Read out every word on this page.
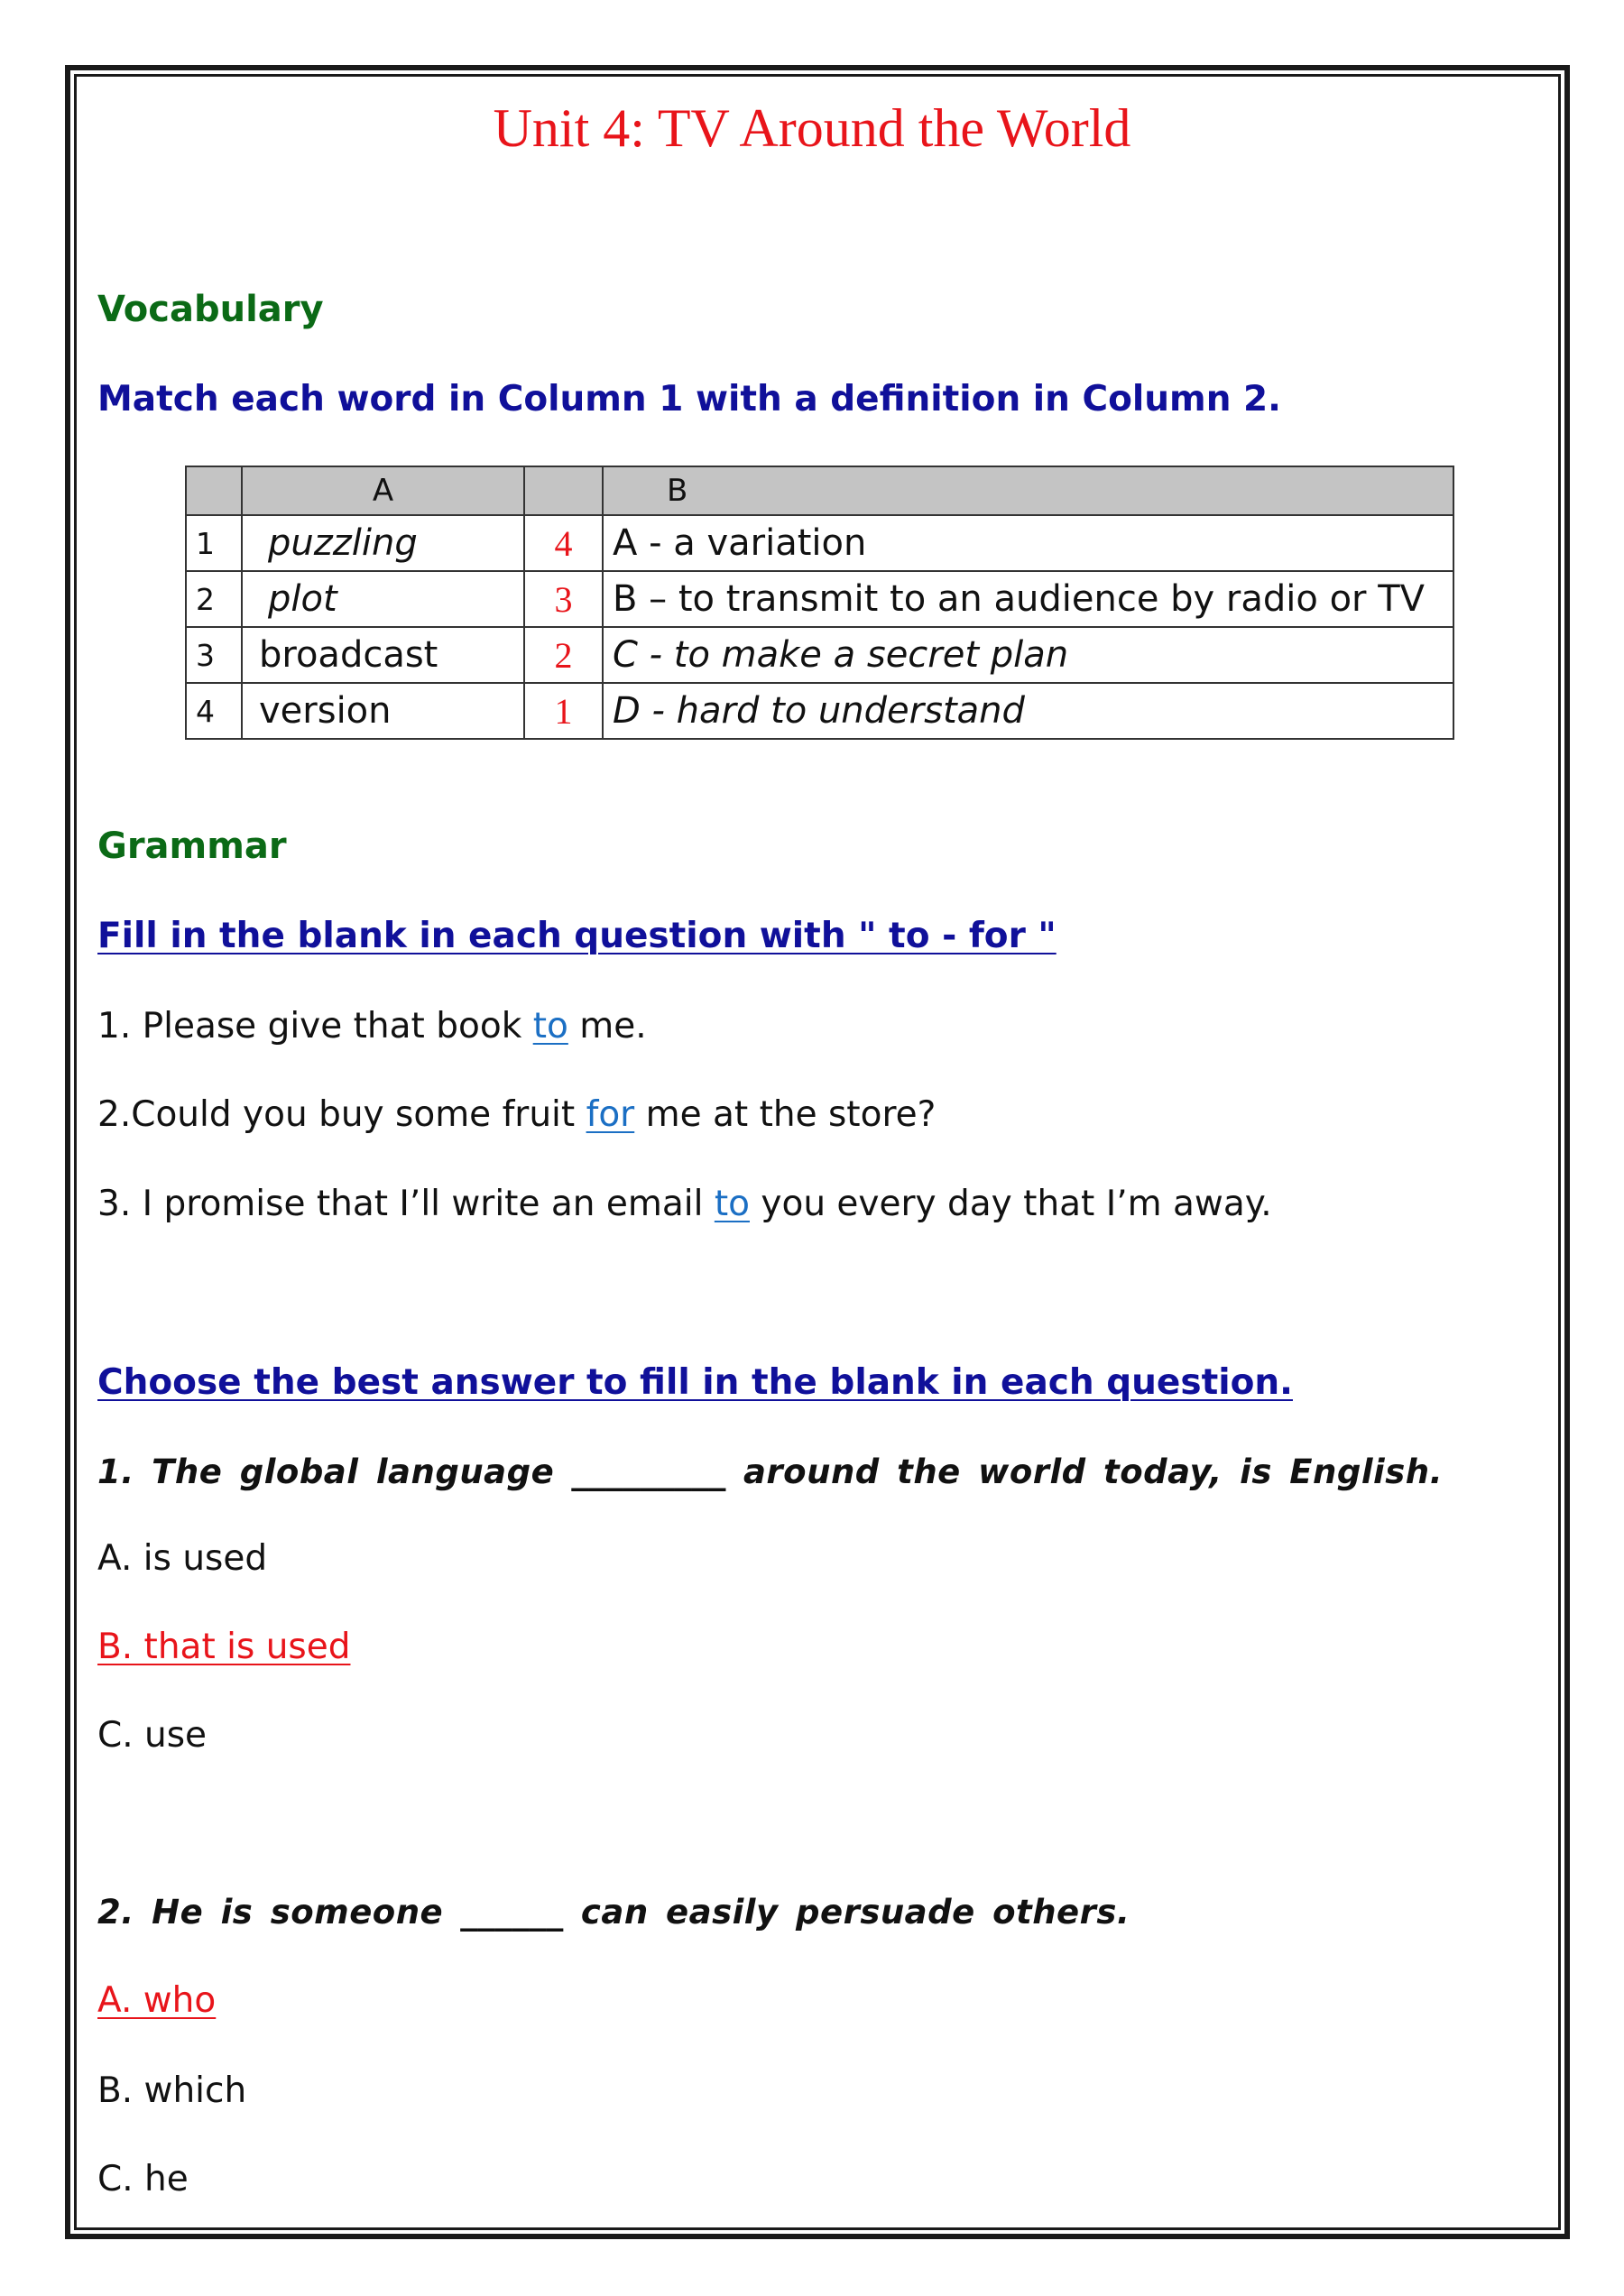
Unit 4: TV Around the World
Vocabulary
Match each word in Column 1 with a definition in Column 2.
	A		B
1	puzzling	4	A - a variation
2	plot	3	B – to transmit to an audience by radio or TV
3	broadcast	2	C - to make a secret plan
4	version	1	D - hard to understand
Grammar
Fill in the blank in each question with " to - for "
1. Please give that book to me.
2.Could you buy some fruit for me at the store?
3. I promise that I’ll write an email to you every day that I’m away.
Choose the best answer to fill in the blank in each question.
1. The global language _________ around the world today, is English.
A. is used
B. that is used
C. use
2. He is someone ______ can easily persuade others.
A. who
B. which
C. he
